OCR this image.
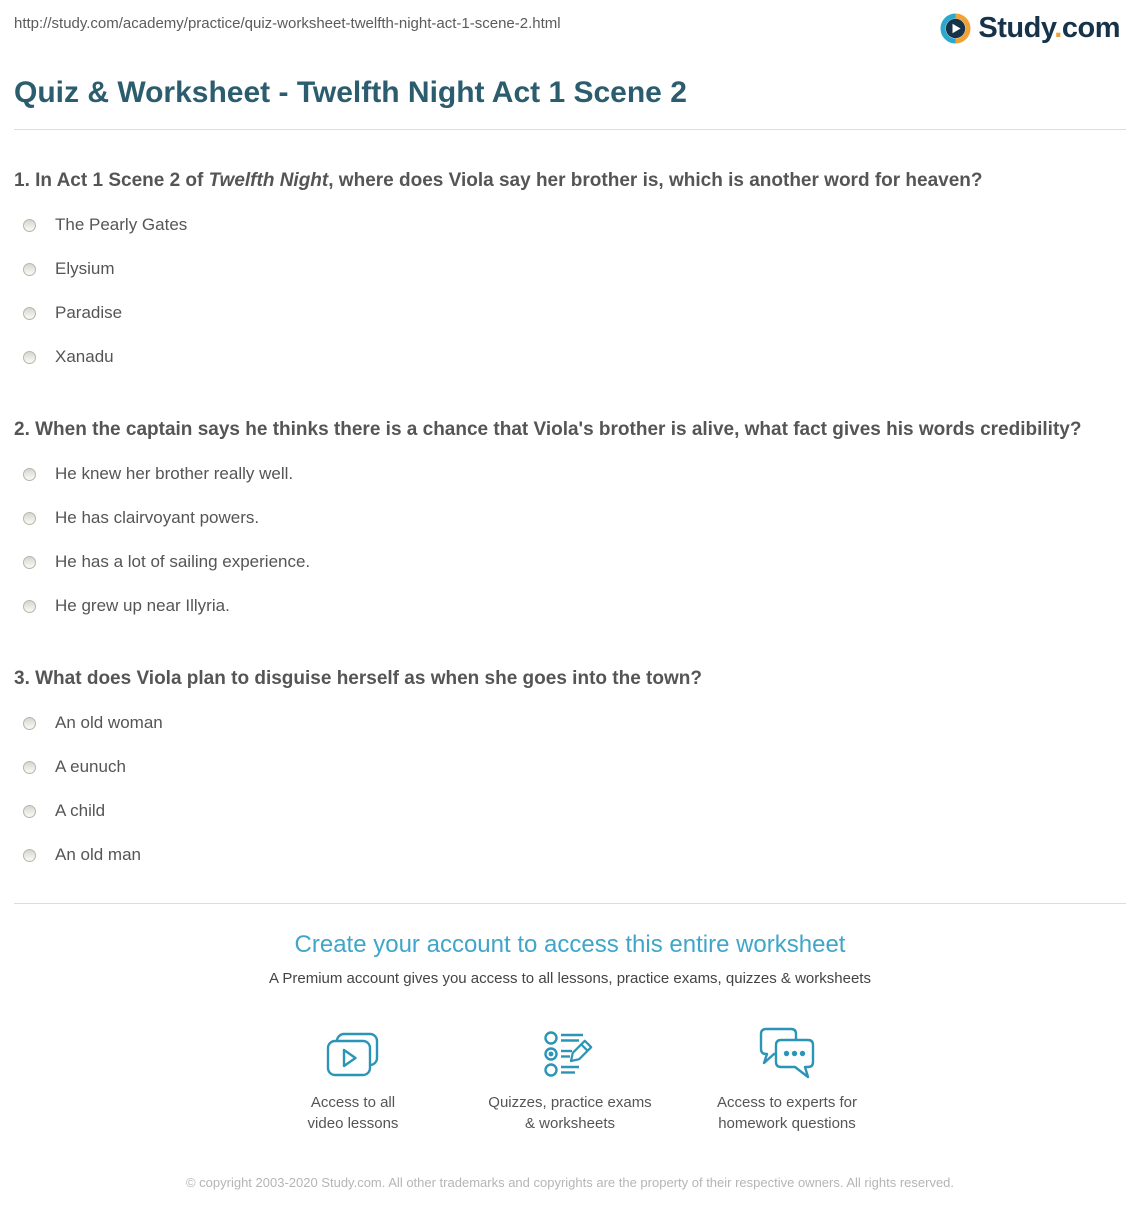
http://study.com/academy/practice/quiz-worksheet-twelfth-night-act-1-scene-2.html	Study.com
Quiz & Worksheet - Twelfth Night Act 1 Scene 2
1. In Act 1 Scene 2 of Twelfth Night, where does Viola say her brother is, which is another word for heaven?
The Pearly Gates
Elysium
Paradise
Xanadu
2. When the captain says he thinks there is a chance that Viola's brother is alive, what fact gives his words credibility?
He knew her brother really well.
He has clairvoyant powers.
He has a lot of sailing experience.
He grew up near Illyria.
3. What does Viola plan to disguise herself as when she goes into the town?
An old woman
A eunuch
A child
An old man
Create your account to access this entire worksheet
A Premium account gives you access to all lessons, practice exams, quizzes & worksheets
Access to all
video lessons
Quizzes, practice exams
& worksheets
Access to experts for
homework questions
© copyright 2003-2020 Study.com. All other trademarks and copyrights are the property of their respective owners. All rights reserved.
